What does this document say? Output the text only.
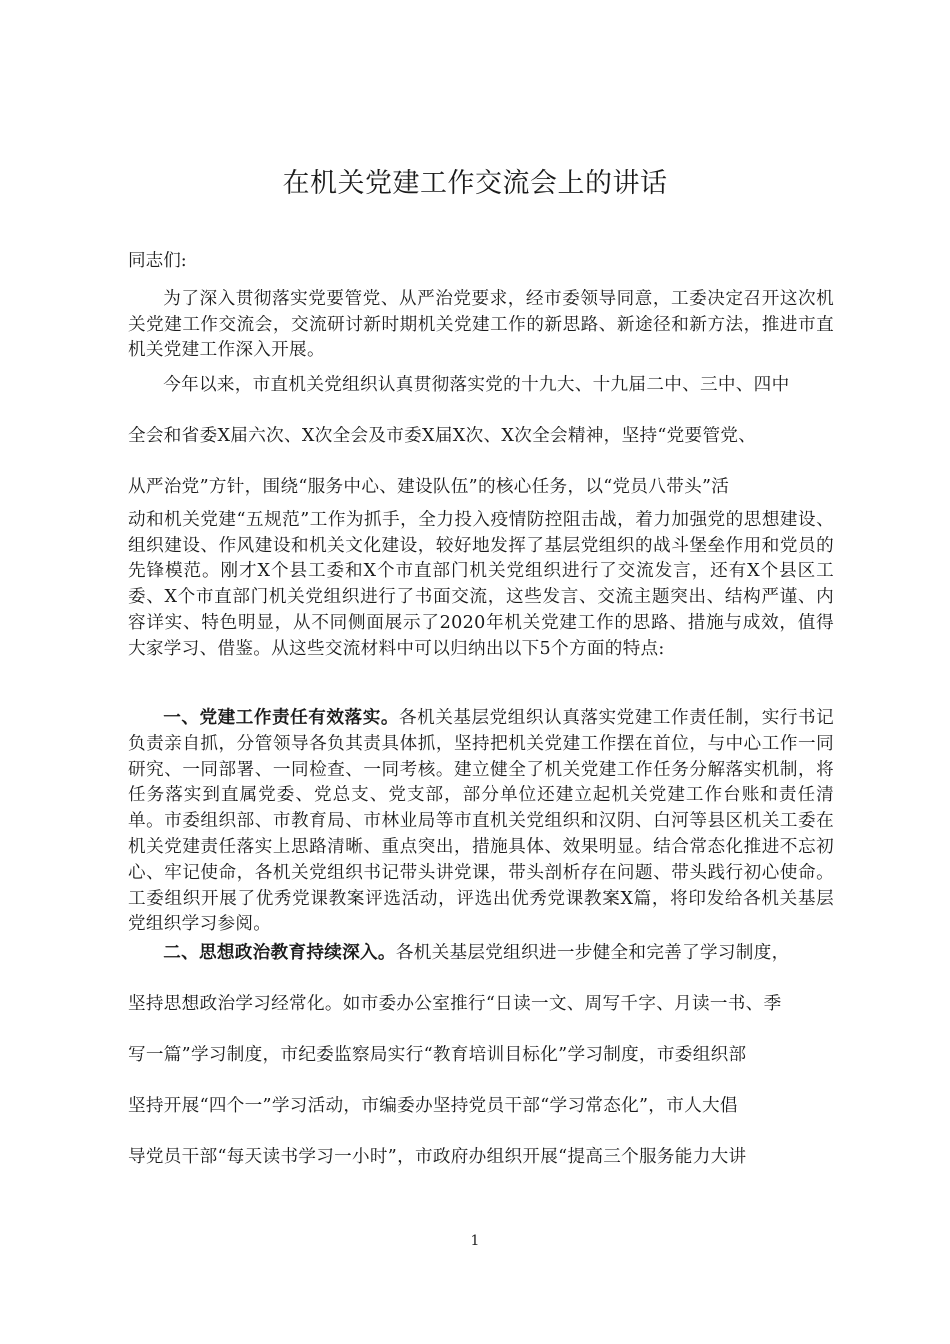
在机关党建工作交流会上的讲话
同志们:

为了深入贯彻落实党要管党、从严治党要求，经市委领导同意，工委决定召开这次机关党建工作交流会，交流研讨新时期机关党建工作的新思路、新途径和新方法，推进市直机关党建工作深入开展。

今年以来，市直机关党组织认真贯彻落实党的十九大、十九届二中、三中、四中
全会和省委X届六次、X次全会及市委X届X次、X次全会精神，坚持“党要管党、
从严治党”方针，围绕“服务中心、建设队伍”的核心任务，以“党员八带头”活

动和机关党建“五规范”工作为抓手，全力投入疫情防控阻击战，着力加强党的思想建设、组织建设、作风建设和机关文化建设，较好地发挥了基层党组织的战斗堡垒作用和党员的先锋模范。刚才X个县工委和X个市直部门机关党组织进行了交流发言，还有X个县区工委、X个市直部门机关党组织进行了书面交流，这些发言、交流主题突出、结构严谨、内容详实、特色明显，从不同侧面展示了2020年机关党建工作的思路、措施与成效，值得大家学习、借鉴。从这些交流材料中可以归纳出以下5个方面的特点:

一、党建工作责任有效落实。各机关基层党组织认真落实党建工作责任制，实行书记负责亲自抓，分管领导各负其责具体抓，坚持把机关党建工作摆在首位，与中心工作一同研究、一同部署、一同检查、一同考核。建立健全了机关党建工作任务分解落实机制，将任务落实到直属党委、党总支、党支部，部分单位还建立起机关党建工作台账和责任清单。市委组织部、市教育局、市林业局等市直机关党组织和汉阴、白河等县区机关工委在机关党建责任落实上思路清晰、重点突出，措施具体、效果明显。结合常态化推进不忘初心、牢记使命，各机关党组织书记带头讲党课，带头剖析存在问题、带头践行初心使命。工委组织开展了优秀党课教案评选活动，评选出优秀党课教案X篇，将印发给各机关基层党组织学习参阅。

二、思想政治教育持续深入。各机关基层党组织进一步健全和完善了学习制度，
坚持思想政治学习经常化。如市委办公室推行“日读一文、周写千字、月读一书、季
写一篇”学习制度，市纪委监察局实行“教育培训目标化”学习制度，市委组织部
坚持开展“四个一”学习活动，市编委办坚持党员干部“学习常态化”，市人大倡
导党员干部“每天读书学习一小时”，市政府办组织开展“提高三个服务能力大讲
1
